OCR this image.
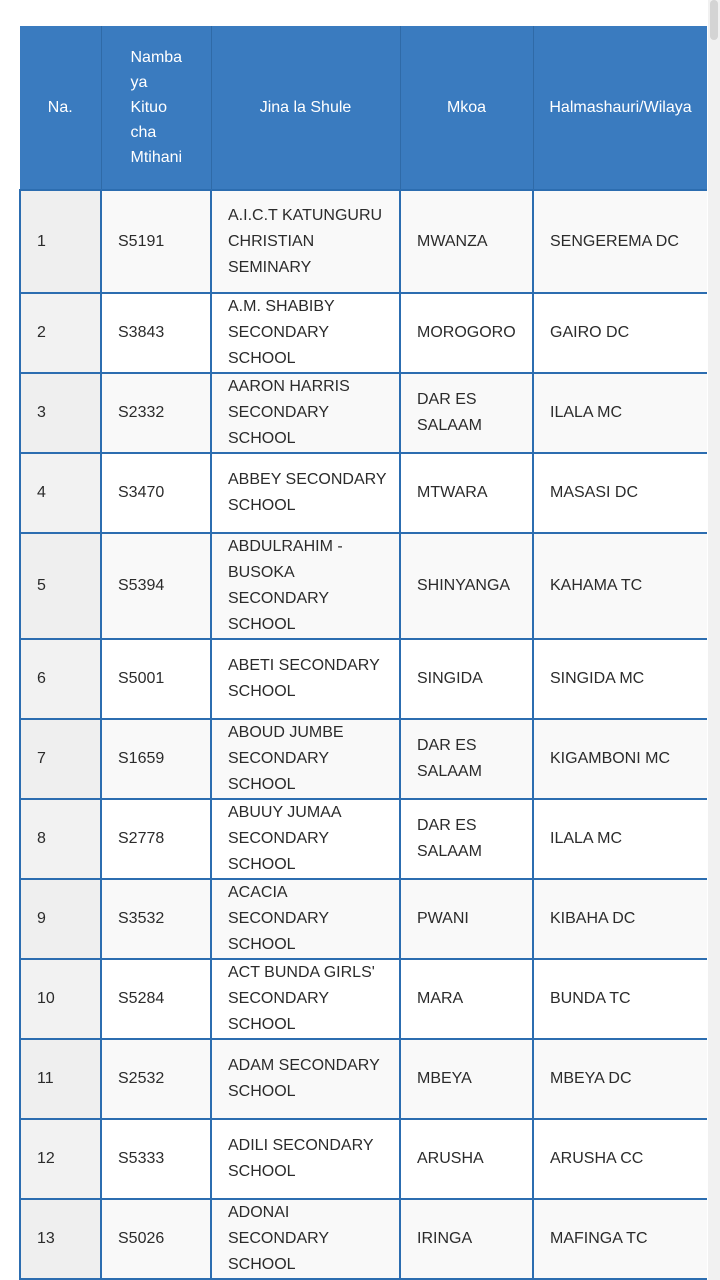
Na.	Namba ya Kituo cha Mtihani	Jina la Shule	Mkoa	Halmashauri/Wilaya
1	S5191	A.I.C.T KATUNGURU CHRISTIAN SEMINARY	MWANZA	SENGEREMA DC
2	S3843	A.M. SHABIBY SECONDARY SCHOOL	MOROGORO	GAIRO DC
3	S2332	AARON HARRIS SECONDARY SCHOOL	DAR ES SALAAM	ILALA MC
4	S3470	ABBEY SECONDARY SCHOOL	MTWARA	MASASI DC
5	S5394	ABDULRAHIM - BUSOKA SECONDARY SCHOOL	SHINYANGA	KAHAMA TC
6	S5001	ABETI SECONDARY SCHOOL	SINGIDA	SINGIDA MC
7	S1659	ABOUD JUMBE SECONDARY SCHOOL	DAR ES SALAAM	KIGAMBONI MC
8	S2778	ABUUY JUMAA SECONDARY SCHOOL	DAR ES SALAAM	ILALA MC
9	S3532	ACACIA SECONDARY SCHOOL	PWANI	KIBAHA DC
10	S5284	ACT BUNDA GIRLS' SECONDARY SCHOOL	MARA	BUNDA TC
11	S2532	ADAM SECONDARY SCHOOL	MBEYA	MBEYA DC
12	S5333	ADILI SECONDARY SCHOOL	ARUSHA	ARUSHA CC
13	S5026	ADONAI SECONDARY SCHOOL	IRINGA	MAFINGA TC
